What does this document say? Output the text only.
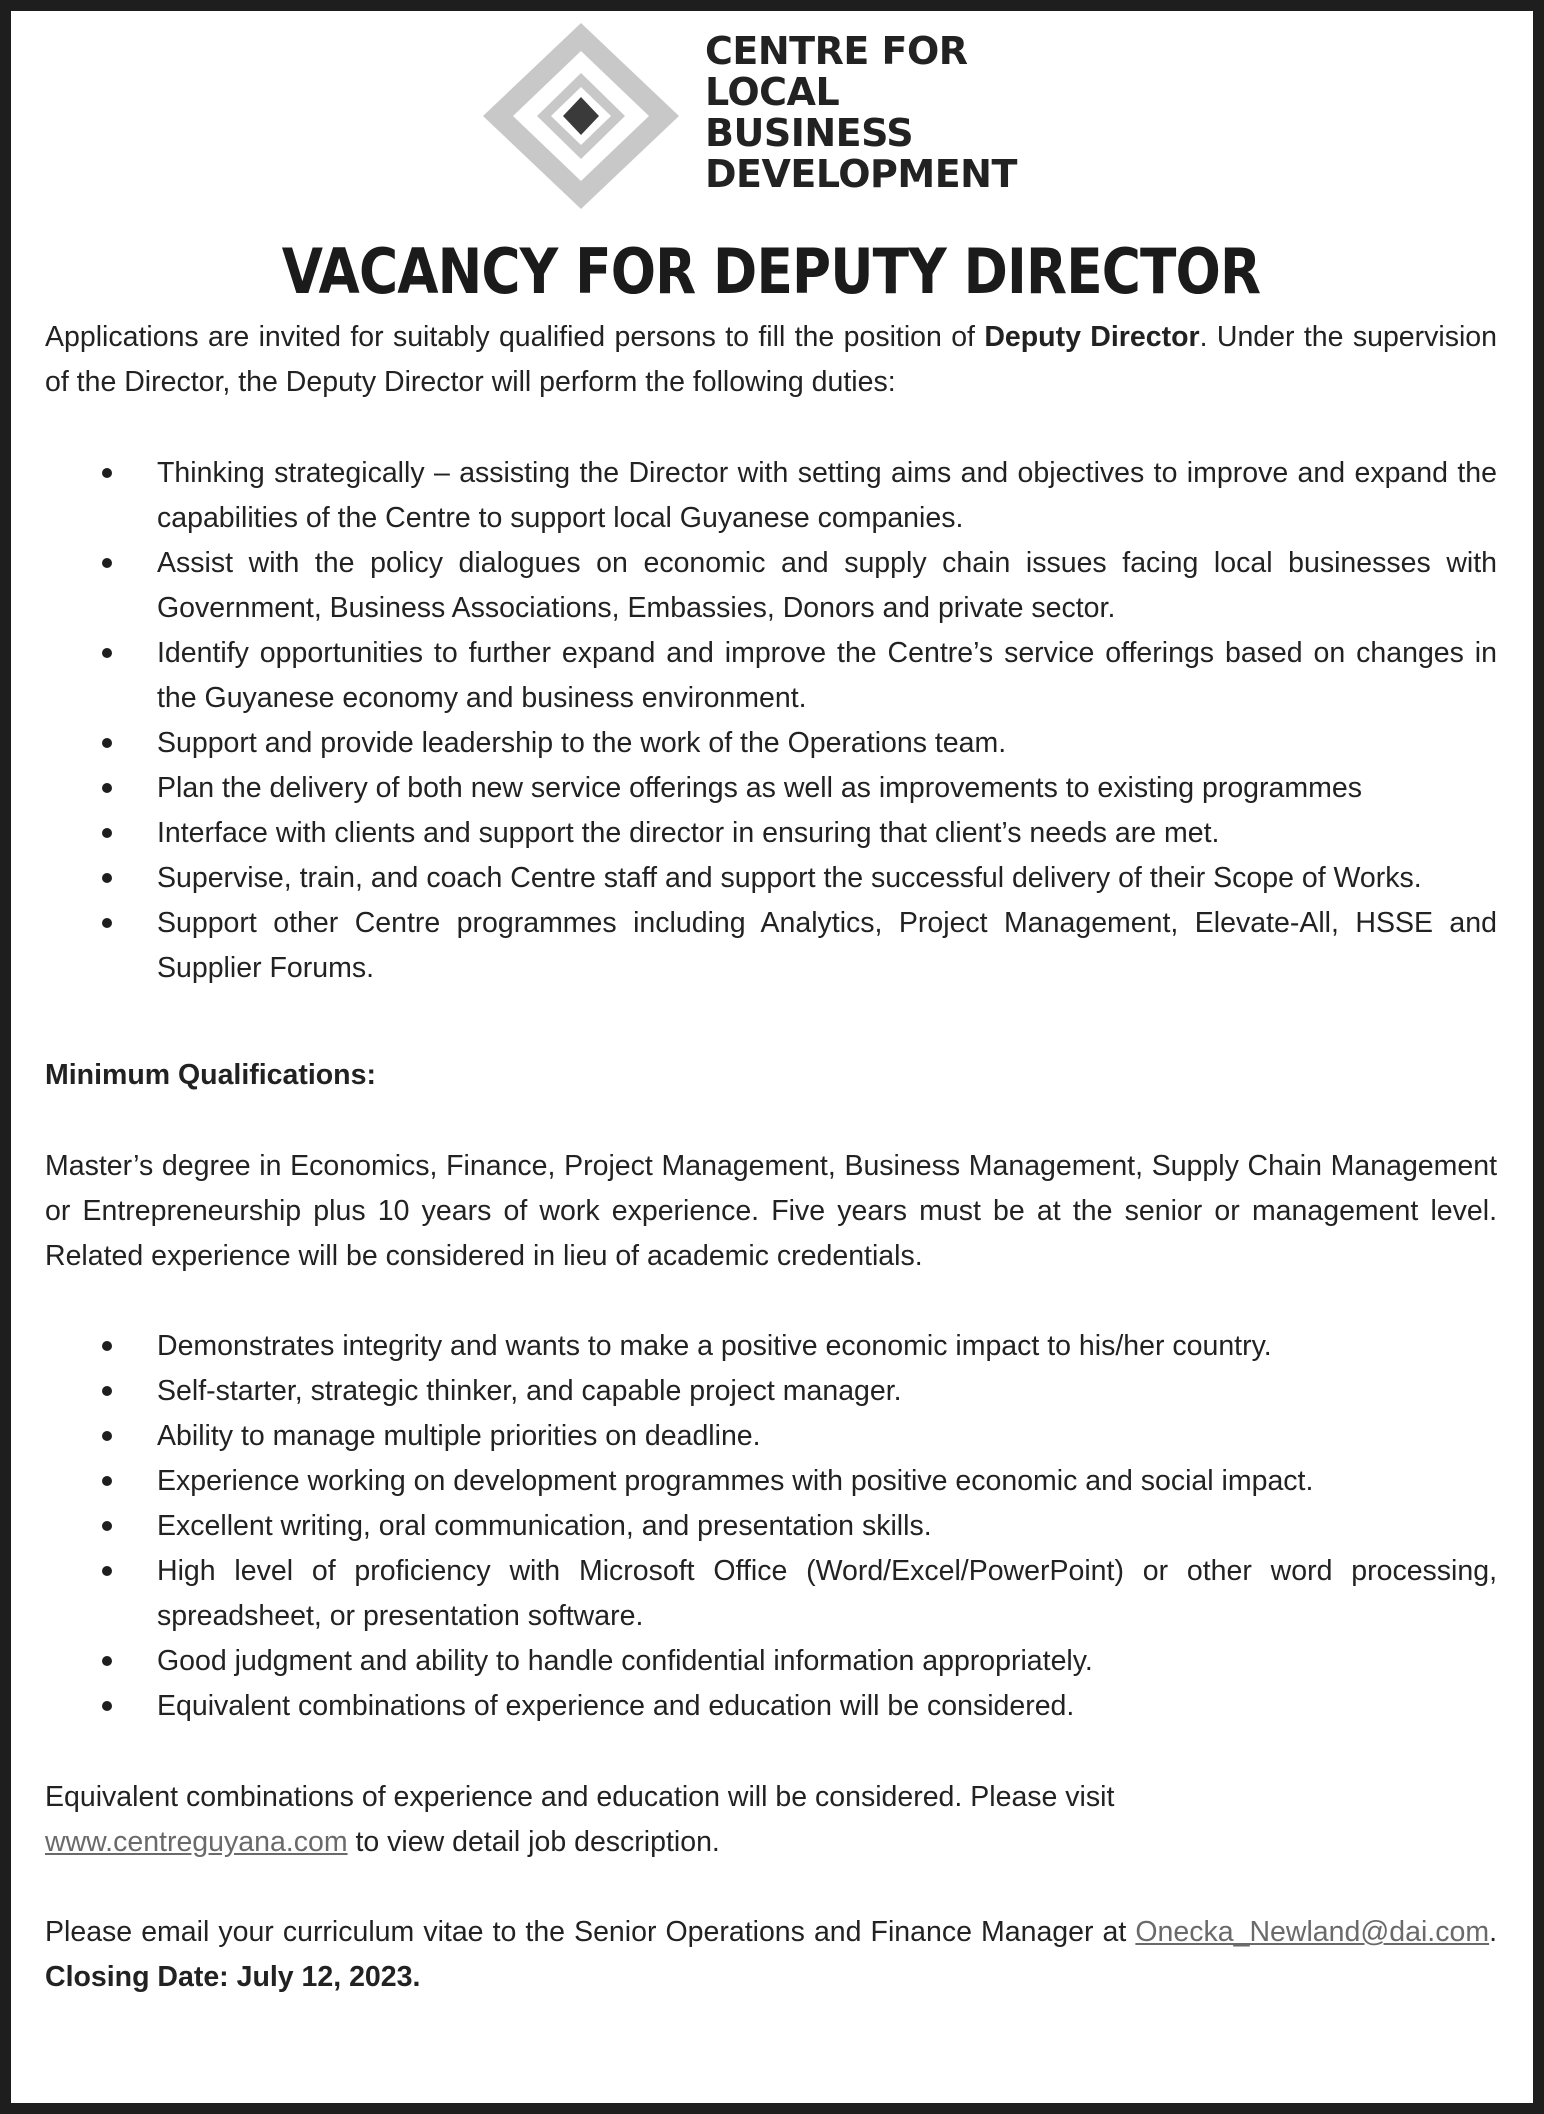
CENTRE FOR
LOCAL
BUSINESS
DEVELOPMENT
VACANCY FOR DEPUTY DIRECTOR

Applications are invited for suitably qualified persons to fill the position of Deputy Director. Under the supervision of the Director, the Deputy Director will perform the following duties:

Thinking strategically – assisting the Director with setting aims and objectives to improve and expand the capabilities of the Centre to support local Guyanese companies.
Assist with the policy dialogues on economic and supply chain issues facing local businesses with Government, Business Associations, Embassies, Donors and private sector.
Identify opportunities to further expand and improve the Centre’s service offerings based on changes in the Guyanese economy and business environment.
Support and provide leadership to the work of the Operations team.
Plan the delivery of both new service offerings as well as improvements to existing programmes
Interface with clients and support the director in ensuring that client’s needs are met.
Supervise, train, and coach Centre staff and support the successful delivery of their Scope of Works.
Support other Centre programmes including Analytics, Project Management, Elevate-All, HSSE and Supplier Forums.
Minimum Qualifications:

Master’s degree in Economics, Finance, Project Management, Business Management, Supply Chain Management or Entrepreneurship plus 10 years of work experience. Five years must be at the senior or management level. Related experience will be considered in lieu of academic credentials.

Demonstrates integrity and wants to make a positive economic impact to his/her country.
Self-starter, strategic thinker, and capable project manager.
Ability to manage multiple priorities on deadline.
Experience working on development programmes with positive economic and social impact.
Excellent writing, oral communication, and presentation skills.
High level of proficiency with Microsoft Office (Word/Excel/PowerPoint) or other word processing, spreadsheet, or presentation software.
Good judgment and ability to handle confidential information appropriately.
Equivalent combinations of experience and education will be considered.

Equivalent combinations of experience and education will be considered. Please visit
www.centreguyana.com to view detail job description.

Please email your curriculum vitae to the Senior Operations and Finance Manager at Onecka_Newland@dai.com. Closing Date: July 12, 2023.
